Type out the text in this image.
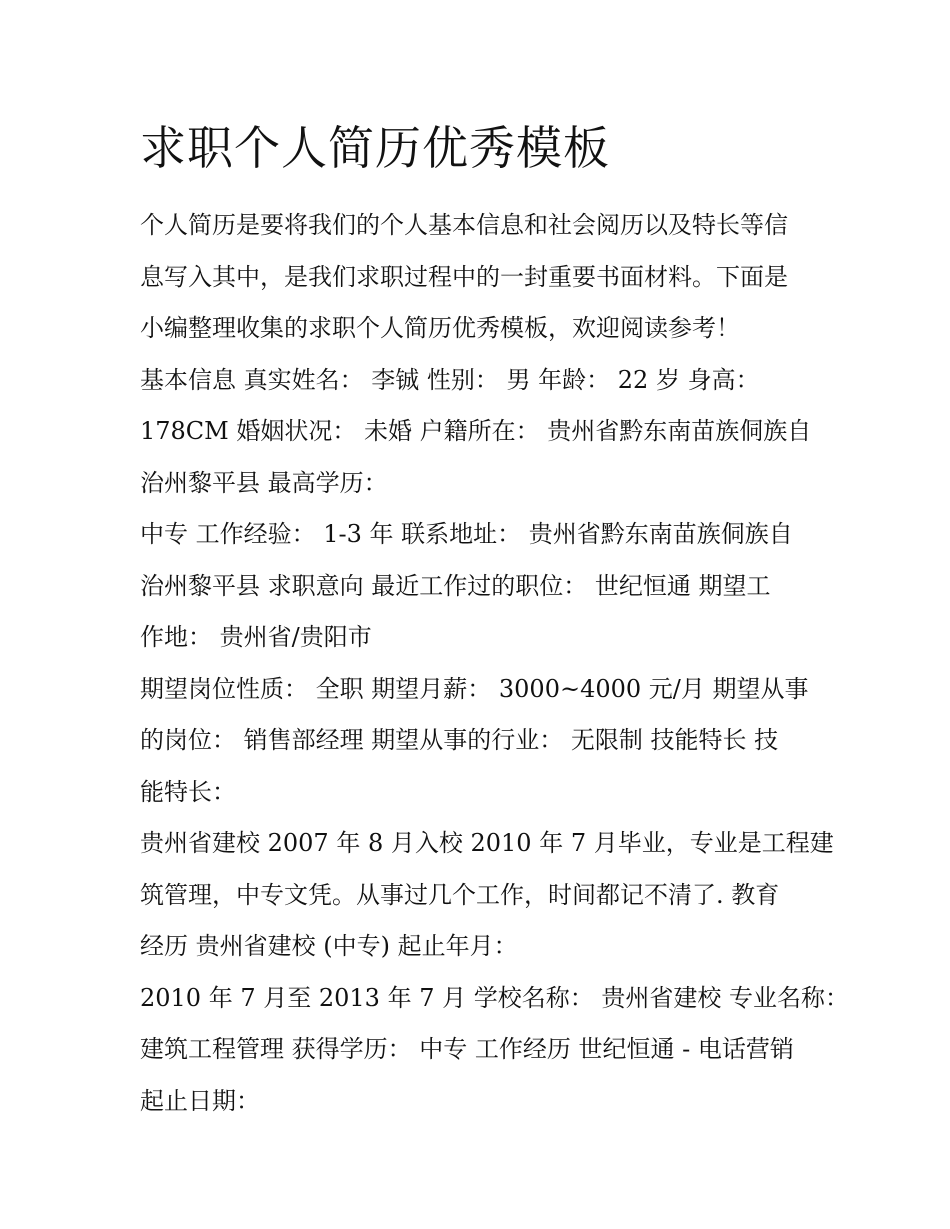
求职个人简历优秀模板

个人简历是要将我们的个人基本信息和社会阅历以及特长等信

息写入其中，是我们求职过程中的一封重要书面材料。下面是

小编整理收集的求职个人简历优秀模板，欢迎阅读参考！

基本信息 真实姓名： 李铖 性别： 男 年龄： 22 岁 身高：

178CM 婚姻状况： 未婚 户籍所在： 贵州省黔东南苗族侗族自

治州黎平县 最高学历：

中专 工作经验： 1-3 年 联系地址： 贵州省黔东南苗族侗族自

治州黎平县 求职意向 最近工作过的职位： 世纪恒通 期望工

作地： 贵州省/贵阳市

期望岗位性质： 全职 期望月薪： 3000~4000 元/月 期望从事

的岗位： 销售部经理 期望从事的行业： 无限制 技能特长 技

能特长：

贵州省建校 2007 年 8 月入校 2010 年 7 月毕业，专业是工程建

筑管理，中专文凭。从事过几个工作，时间都记不清了. 教育

经历 贵州省建校 (中专) 起止年月：

2010 年 7 月至 2013 年 7 月 学校名称： 贵州省建校 专业名称：

建筑工程管理 获得学历： 中专 工作经历 世纪恒通 - 电话营销

起止日期：
